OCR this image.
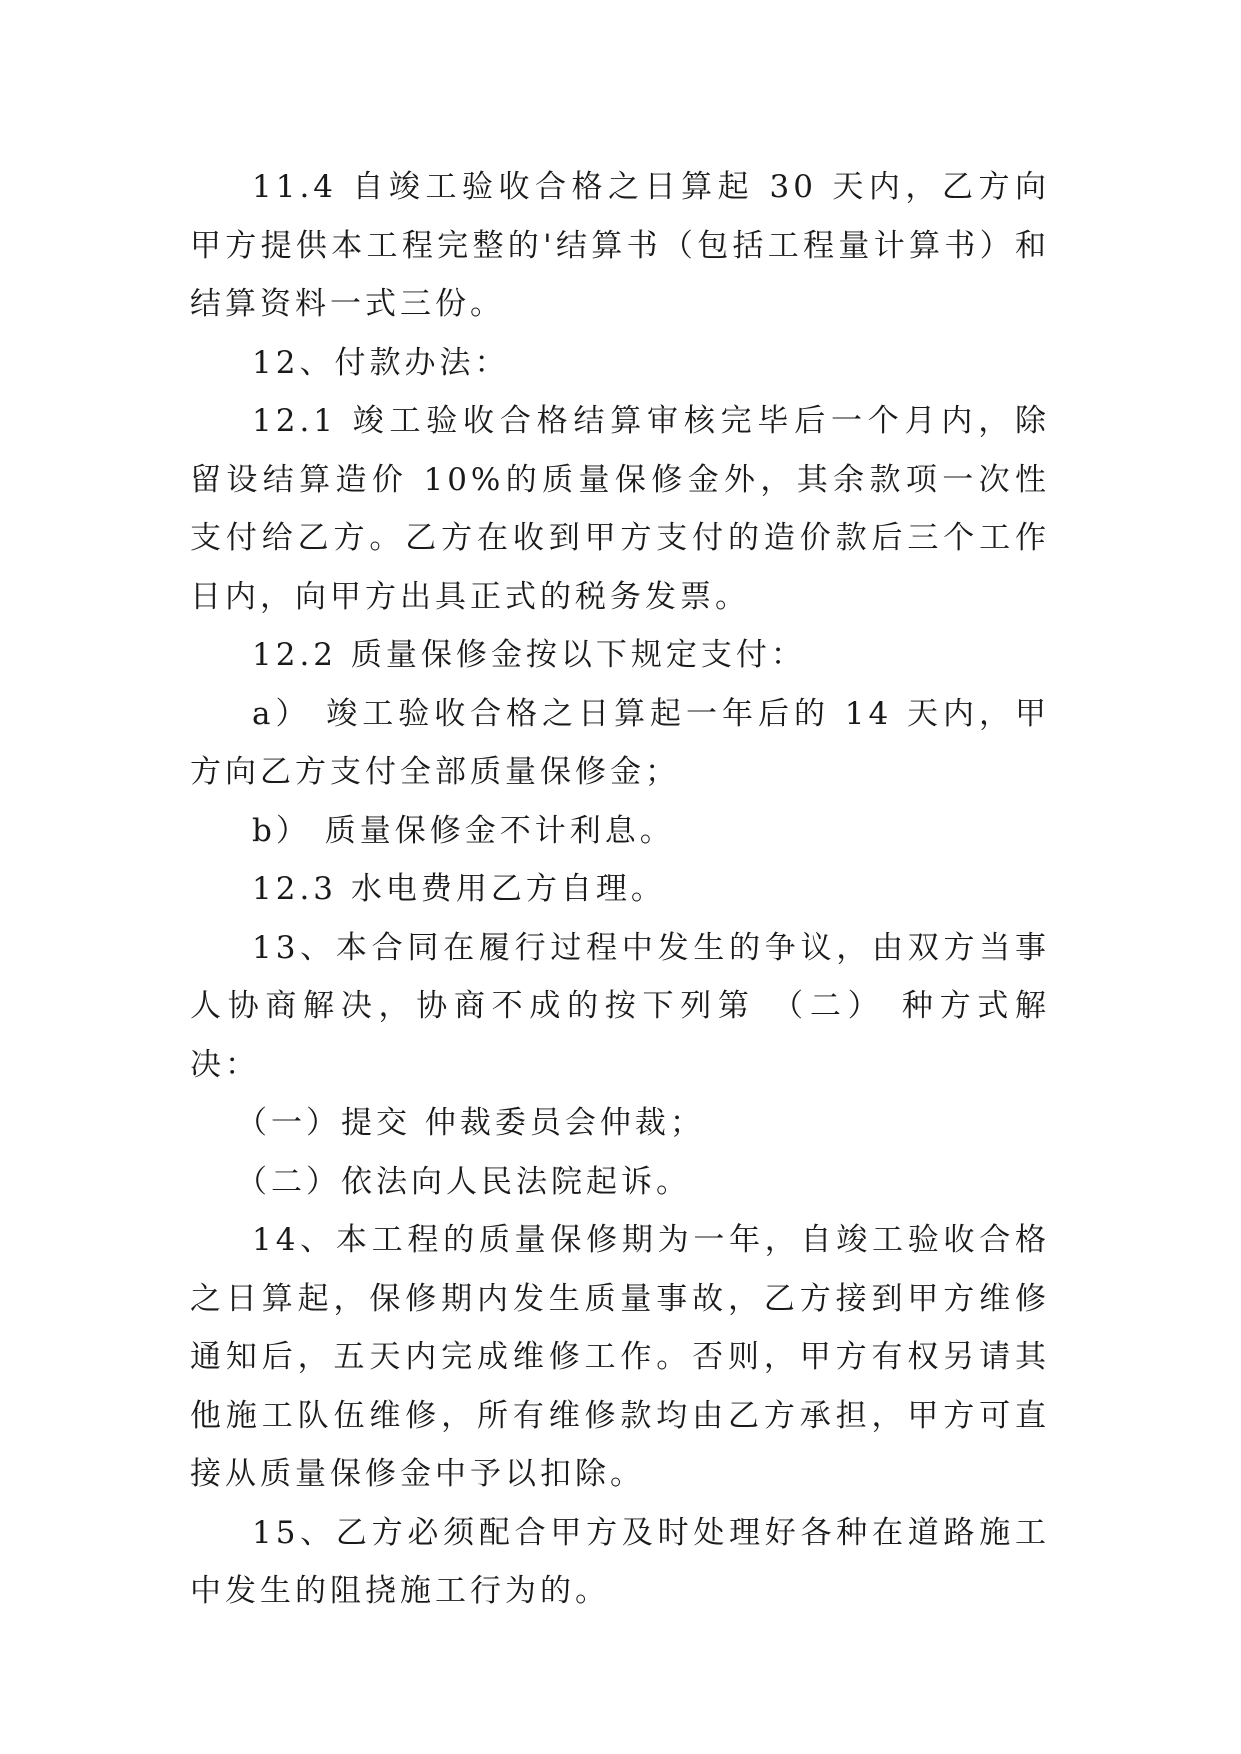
11.4 自竣工验收合格之日算起 30 天内，乙方向甲方提供本工程完整的'结算书（包括工程量计算书）和结算资料一式三份。

12、付款办法：

12.1 竣工验收合格结算审核完毕后一个月内，除留设结算造价 10%的质量保修金外，其余款项一次性支付给乙方。乙方在收到甲方支付的造价款后三个工作日内，向甲方出具正式的税务发票。

12.2 质量保修金按以下规定支付：

a） 竣工验收合格之日算起一年后的 14 天内，甲方向乙方支付全部质量保修金；

b） 质量保修金不计利息。

12.3 水电费用乙方自理。

13、本合同在履行过程中发生的争议，由双方当事人协商解决，协商不成的按下列第 （二） 种方式解决：

（一）提交 仲裁委员会仲裁；

（二）依法向人民法院起诉。

14、本工程的质量保修期为一年，自竣工验收合格之日算起，保修期内发生质量事故，乙方接到甲方维修通知后，五天内完成维修工作。否则，甲方有权另请其他施工队伍维修，所有维修款均由乙方承担，甲方可直接从质量保修金中予以扣除。

15、乙方必须配合甲方及时处理好各种在道路施工中发生的阻挠施工行为的。
